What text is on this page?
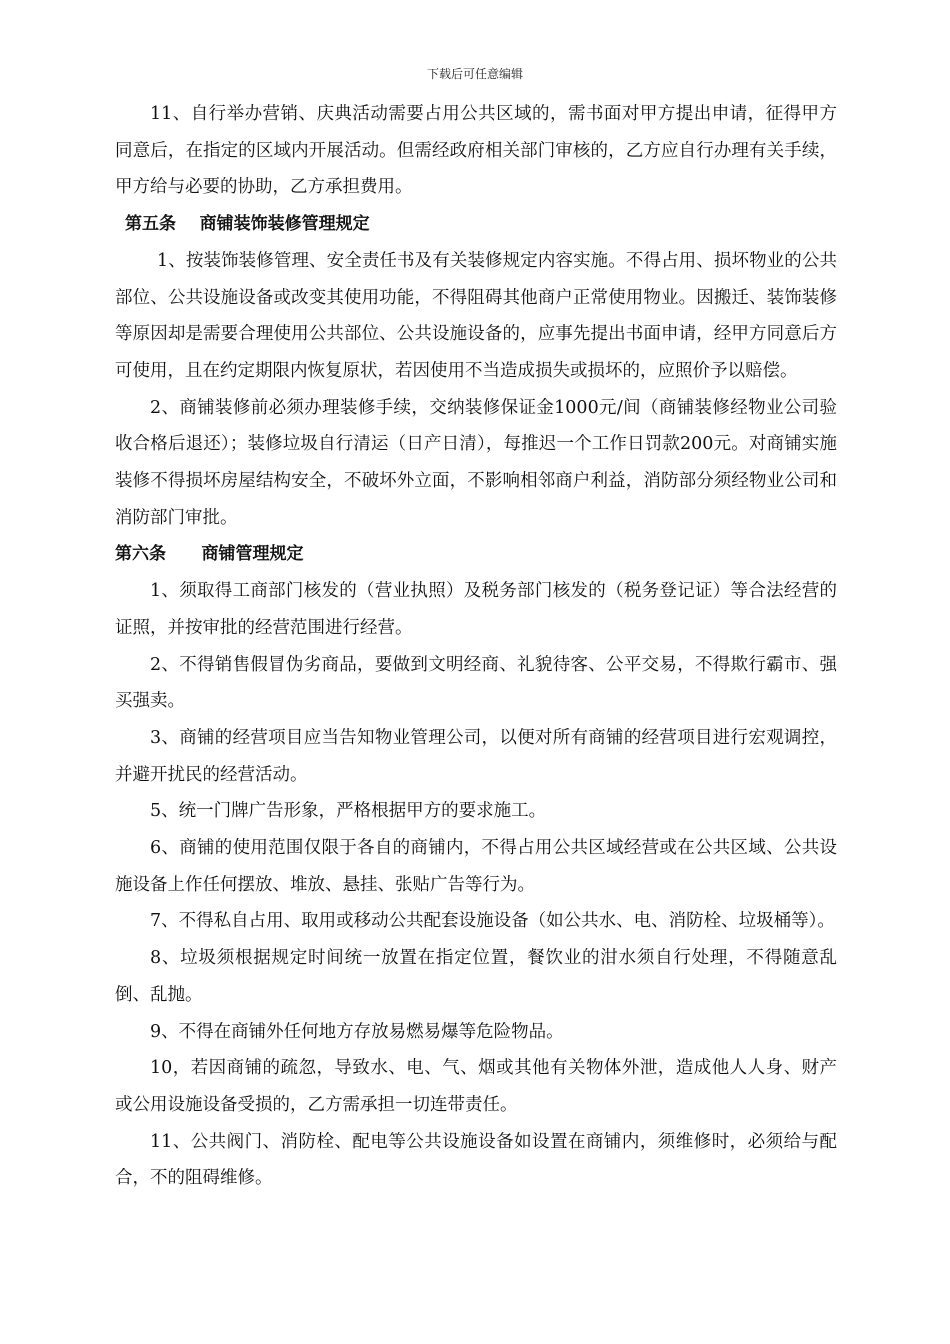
下载后可任意编辑

11、自行举办营销、庆典活动需要占用公共区域的，需书面对甲方提出申请，征得甲方同意后，在指定的区域内开展活动。但需经政府相关部门审核的，乙方应自行办理有关手续，甲方给与必要的协助，乙方承担费用。

第五条    商铺装饰装修管理规定

1、按装饰装修管理、安全责任书及有关装修规定内容实施。不得占用、损坏物业的公共部位、公共设施设备或改变其使用功能，不得阻碍其他商户正常使用物业。因搬迁、装饰装修等原因却是需要合理使用公共部位、公共设施设备的，应事先提出书面申请，经甲方同意后方可使用，且在约定期限内恢复原状，若因使用不当造成损失或损坏的，应照价予以赔偿。

2、商铺装修前必须办理装修手续，交纳装修保证金1000元/间（商铺装修经物业公司验收合格后退还）；装修垃圾自行清运（日产日清），每推迟一个工作日罚款200元。对商铺实施装修不得损坏房屋结构安全，不破坏外立面，不影响相邻商户利益，消防部分须经物业公司和消防部门审批。

第六条      商铺管理规定

1、须取得工商部门核发的（营业执照）及税务部门核发的（税务登记证）等合法经营的证照，并按审批的经营范围进行经营。

2、不得销售假冒伪劣商品，要做到文明经商、礼貌待客、公平交易，不得欺行霸市、强买强卖。

3、商铺的经营项目应当告知物业管理公司，以便对所有商铺的经营项目进行宏观调控，并避开扰民的经营活动。

5、统一门牌广告形象，严格根据甲方的要求施工。

6、商铺的使用范围仅限于各自的商铺内，不得占用公共区域经营或在公共区域、公共设施设备上作任何摆放、堆放、悬挂、张贴广告等行为。

7、不得私自占用、取用或移动公共配套设施设备（如公共水、电、消防栓、垃圾桶等）。

8、垃圾须根据规定时间统一放置在指定位置，餐饮业的泔水须自行处理，不得随意乱倒、乱抛。

9、不得在商铺外任何地方存放易燃易爆等危险物品。

10，若因商铺的疏忽，导致水、电、气、烟或其他有关物体外泄，造成他人人身、财产或公用设施设备受损的，乙方需承担一切连带责任。

11、公共阀门、消防栓、配电等公共设施设备如设置在商铺内，须维修时，必须给与配合，不的阻碍维修。
